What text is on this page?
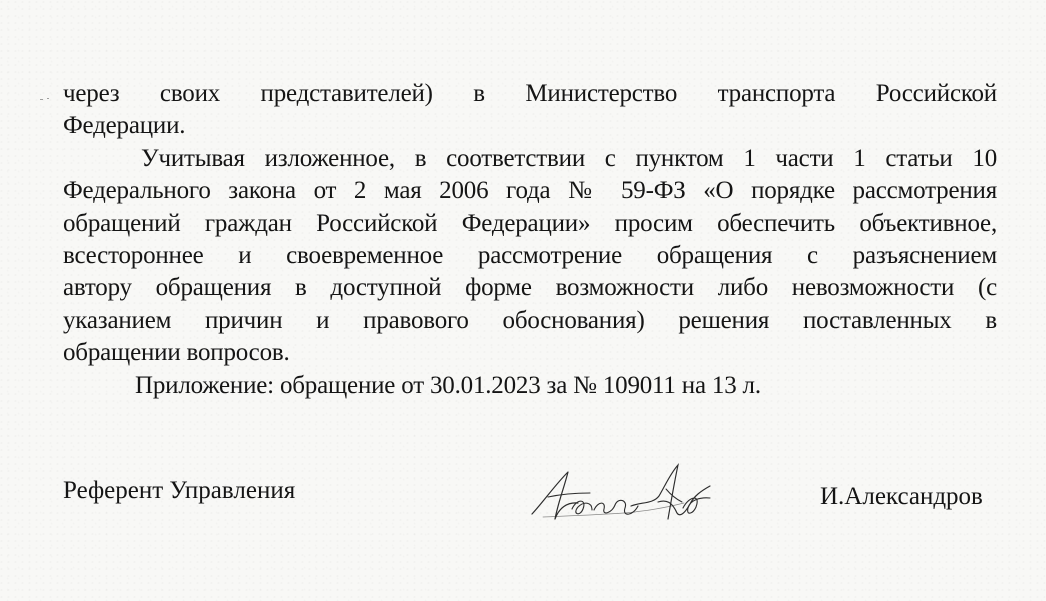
через своих представителей) в Министерство транспорта Российской
Федерации.
Учитывая изложенное, в соответствии с пунктом 1 части 1 статьи 10
Федерального закона от 2 мая 2006 года № 59-ФЗ «О порядке рассмотрения
обращений граждан Российской Федерации» просим обеспечить объективное,
всестороннее и своевременное рассмотрение обращения с разъяснением
автору обращения в доступной форме возможности либо невозможности (с
указанием причин и правового обоснования) решения поставленных в
обращении вопросов.
Приложение: обращение от 30.01.2023 за № 109011 на 13 л.
Референт Управления	И.Александров
